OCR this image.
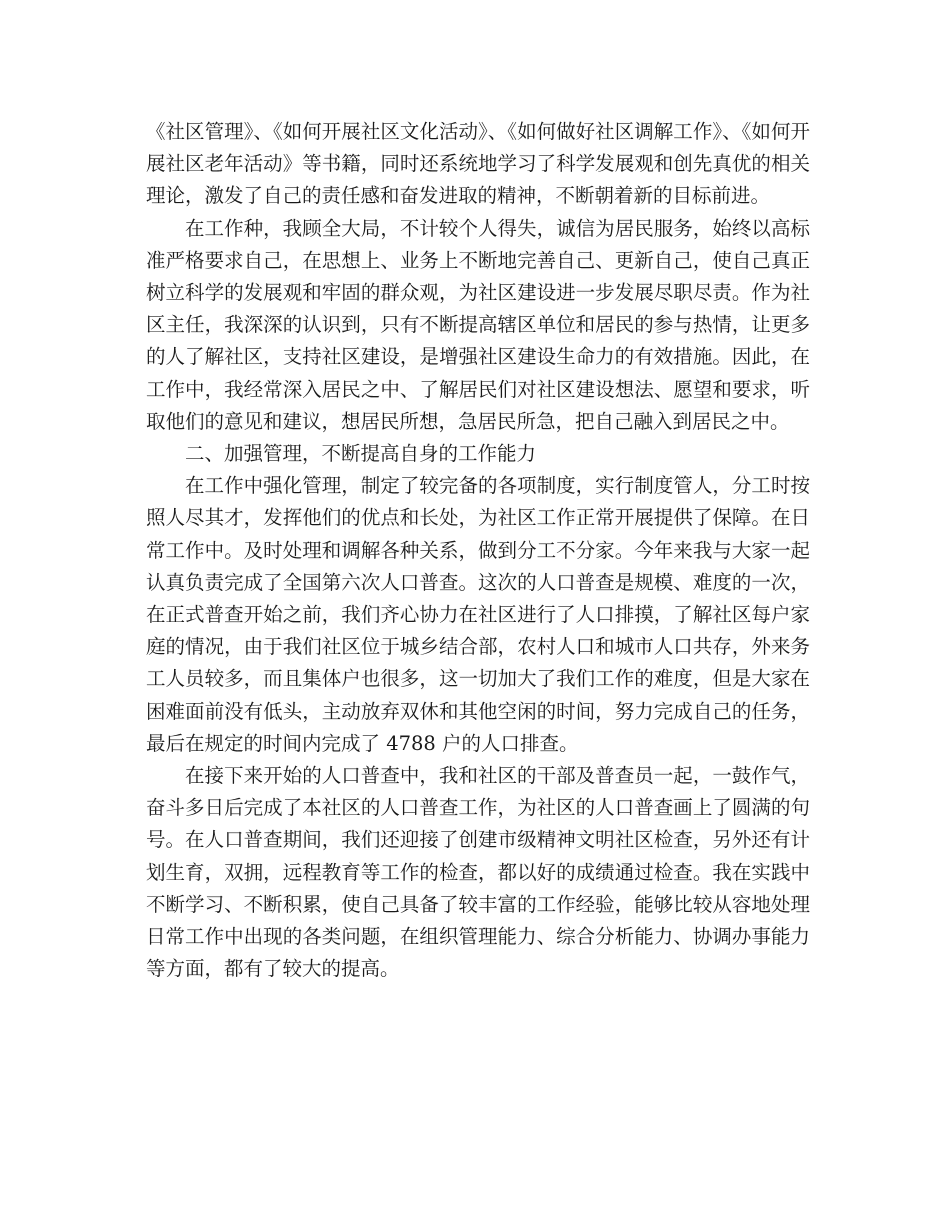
《社区管理》、《如何开展社区文化活动》、《如何做好社区调解工作》、《如何开展社区老年活动》等书籍，同时还系统地学习了科学发展观和创先真优的相关理论，激发了自己的责任感和奋发进取的精神，不断朝着新的目标前进。

在工作种，我顾全大局，不计较个人得失，诚信为居民服务，始终以高标准严格要求自己，在思想上、业务上不断地完善自己、更新自己，使自己真正树立科学的发展观和牢固的群众观，为社区建设进一步发展尽职尽责。作为社区主任，我深深的认识到，只有不断提高辖区单位和居民的参与热情，让更多的人了解社区，支持社区建设，是增强社区建设生命力的有效措施。因此，在工作中，我经常深入居民之中、了解居民们对社区建设想法、愿望和要求，听取他们的意见和建议，想居民所想，急居民所急，把自己融入到居民之中。

二、加强管理，不断提高自身的工作能力

在工作中强化管理，制定了较完备的各项制度，实行制度管人，分工时按照人尽其才，发挥他们的优点和长处，为社区工作正常开展提供了保障。在日常工作中。及时处理和调解各种关系，做到分工不分家。今年来我与大家一起认真负责完成了全国第六次人口普查。这次的人口普查是规模、难度的一次，在正式普查开始之前，我们齐心协力在社区进行了人口排摸，了解社区每户家庭的情况，由于我们社区位于城乡结合部，农村人口和城市人口共存，外来务工人员较多，而且集体户也很多，这一切加大了我们工作的难度，但是大家在困难面前没有低头，主动放弃双休和其他空闲的时间，努力完成自己的任务，最后在规定的时间内完成了 4788 户的人口排查。

在接下来开始的人口普查中，我和社区的干部及普查员一起，一鼓作气，奋斗多日后完成了本社区的人口普查工作，为社区的人口普查画上了圆满的句号。在人口普查期间，我们还迎接了创建市级精神文明社区检查，另外还有计划生育，双拥，远程教育等工作的检查，都以好的成绩通过检查。我在实践中不断学习、不断积累，使自己具备了较丰富的工作经验，能够比较从容地处理日常工作中出现的各类问题，在组织管理能力、综合分析能力、协调办事能力等方面，都有了较大的提高。
